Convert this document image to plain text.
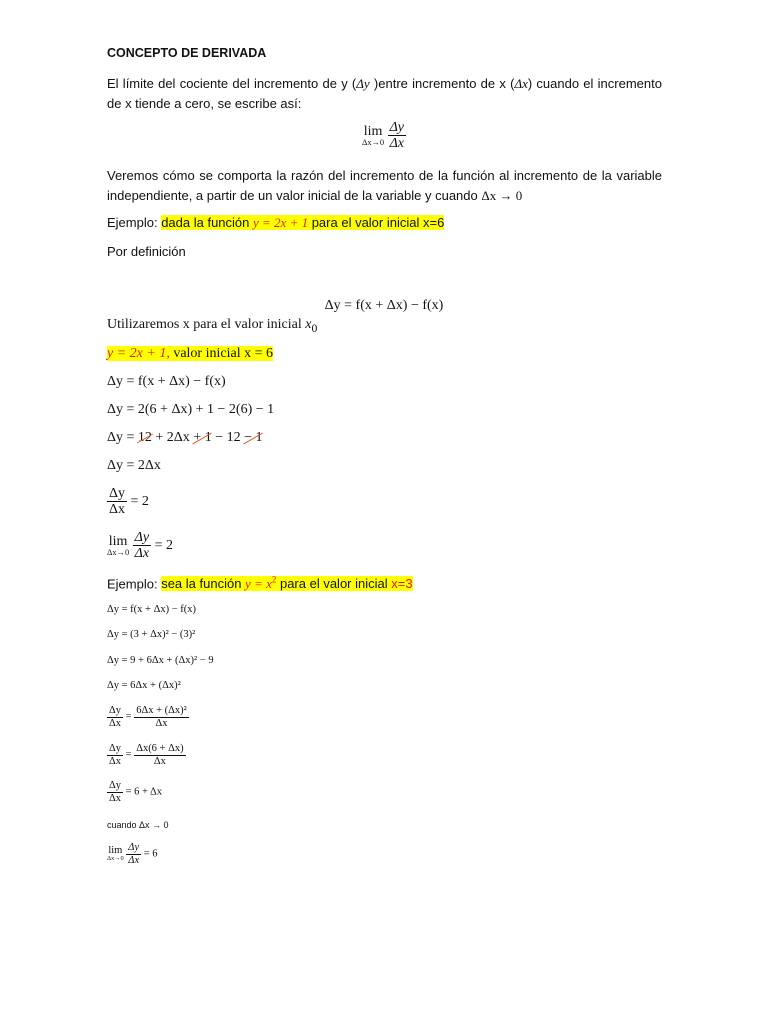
CONCEPTO DE DERIVADA
El límite del cociente del incremento de y (Δy )entre incremento de x (Δx) cuando el incremento de x tiende a cero, se escribe así:
lim
Δx→0
$\frac{\Delta y}{\Delta x}$
Veremos cómo se comporta la razón del incremento de la función al incremento de la variable independiente, a partir de un valor inicial de la variable y cuando Δx → 0
Ejemplo: dada la función y = 2x + 1 para el valor inicial x=6
Por definición
Δy = f(x + Δx) − f(x)
Utilizaremos x para el valor inicial $x_0$
y = 2x + 1, valor inicial x = 6
Δy = f(x + Δx) − f(x)
Δy = 2(6 + Δx) + 1 − 2(6) − 1
Δy = 12 + 2Δx + 1 − 12 − 1
Δy = 2Δx
$\frac{\Delta y}{\Delta x} = 2$
lim
Δx→0
$\frac{\Delta y}{\Delta x} = 2$
Ejemplo: sea la función $y = x^2$ para el valor inicial x=3
Δy = f(x + Δx) − f(x)
Δy = (3 + Δx)² − (3)²
Δy = 9 + 6Δx + (Δx)² − 9
Δy = 6Δx + (Δx)²
$\frac{\Delta y}{\Delta x} = \frac{\text{6Δx + (Δx)²}}{\Delta x}$
$\frac{\Delta y}{\Delta x} = \frac{\Delta x(6 + \Delta x)}{\Delta x}$
$\frac{\Delta y}{\Delta x} = 6 + \Delta x$
cuando Δx → 0
lim
Δx→0
$\frac{\Delta y}{\Delta x} = 6$
